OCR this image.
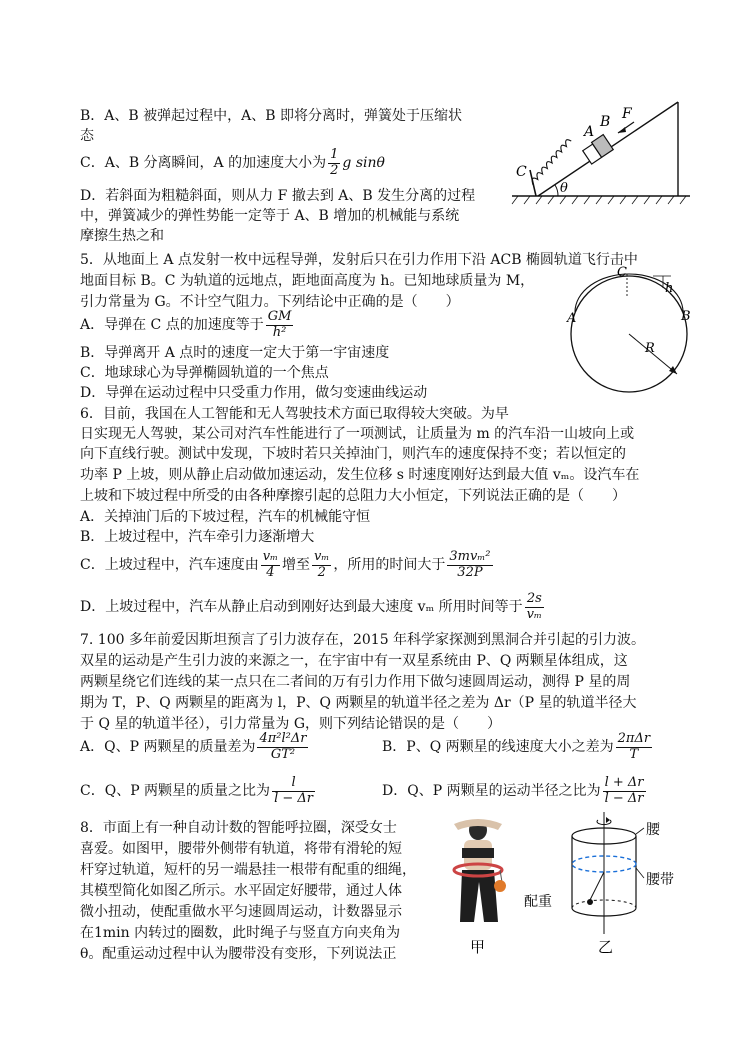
B．A、B 被弹起过程中，A、B 即将分离时，弹簧处于压缩状
态
C．A、B 分离瞬间，A 的加速度大小为 $\frac{1}{2}$ g sinθ
D．若斜面为粗糙斜面，则从力 F 撤去到 A、B 发生分离的过程
中，弹簧减少的弹性势能一定等于 A、B 增加的机械能与系统
摩擦生热之和
A
B F
C
θ
5．从地面上 A 点发射一枚中远程导弹，发射后只在引力作用下沿 ACB 椭圆轨道飞行击中
地面目标 B。C 为轨道的远地点，距地面高度为 h。已知地球质量为 M，
引力常量为 G。不计空气阻力。下列结论中正确的是（　　）
A．导弹在 C 点的加速度等于 $\frac{GM}{\text{h²}}$
B．导弹离开 A 点时的速度一定大于第一宇宙速度
C．地球球心为导弹椭圆轨道的一个焦点
D．导弹在运动过程中只受重力作用，做匀变速曲线运动
C
h
A	B
R
6．目前，我国在人工智能和无人驾驶技术方面已取得较大突破。为早
日实现无人驾驶，某公司对汽车性能进行了一项测试，让质量为 m 的汽车沿一山坡向上或
向下直线行驶。测试中发现，下坡时若只关掉油门，则汽车的速度保持不变；若以恒定的
功率 P 上坡，则从静止启动做加速运动，发生位移 s 时速度刚好达到最大值 vₘ。设汽车在
上坡和下坡过程中所受的由各种摩擦引起的总阻力大小恒定，下列说法正确的是（　　）
A．关掉油门后的下坡过程，汽车的机械能守恒
B．上坡过程中，汽车牵引力逐渐增大
C．上坡过程中，汽车速度由 $\frac{\text{vₘ}}{4}$ 增至 $\frac{\text{vₘ}}{2}$ ，所用的时间大于 $\frac{\text{3mvₘ²}}{32P}$
D．上坡过程中，汽车从静止启动到刚好达到最大速度 vₘ 所用时间等于 $\frac{2s}{\text{vₘ}}$
7. 100 多年前爱因斯坦预言了引力波存在，2015 年科学家探测到黑洞合并引起的引力波。
双星的运动是产生引力波的来源之一，在宇宙中有一双星系统由 P、Q 两颗星体组成，这
两颗星绕它们连线的某一点只在二者间的万有引力作用下做匀速圆周运动，测得 P 星的周
期为 T，P、Q 两颗星的距离为 l，P、Q 两颗星的轨道半径之差为 Δr（P 星的轨道半径大
于 Q 星的轨道半径），引力常量为 G，则下列结论错误的是（　　）
A．Q、P 两颗星的质量差为 $\frac{\text{4π²l²Δr}}{\text{GT²}}$	B．P、Q 两颗星的线速度大小之差为 $\frac{\text{2πΔr}}{T}$
C．Q、P 两颗星的质量之比为 $\frac{l}{l - \Delta r}$	D．Q、P 两颗星的运动半径之比为 $\frac{l + \Delta r}{l - \Delta r}$
8．市面上有一种自动计数的智能呼拉圈，深受女士
喜爱。如图甲，腰带外侧带有轨道，将带有滑轮的短
杆穿过轨道，短杆的另一端悬挂一根带有配重的细绳，
其模型简化如图乙所示。水平固定好腰带，通过人体
微小扭动，使配重做水平匀速圆周运动，计数器显示
在1min 内转过的圈数，此时绳子与竖直方向夹角为
θ。配重运动过程中认为腰带没有变形，下列说法正	甲
腰
腰带
配重
乙
